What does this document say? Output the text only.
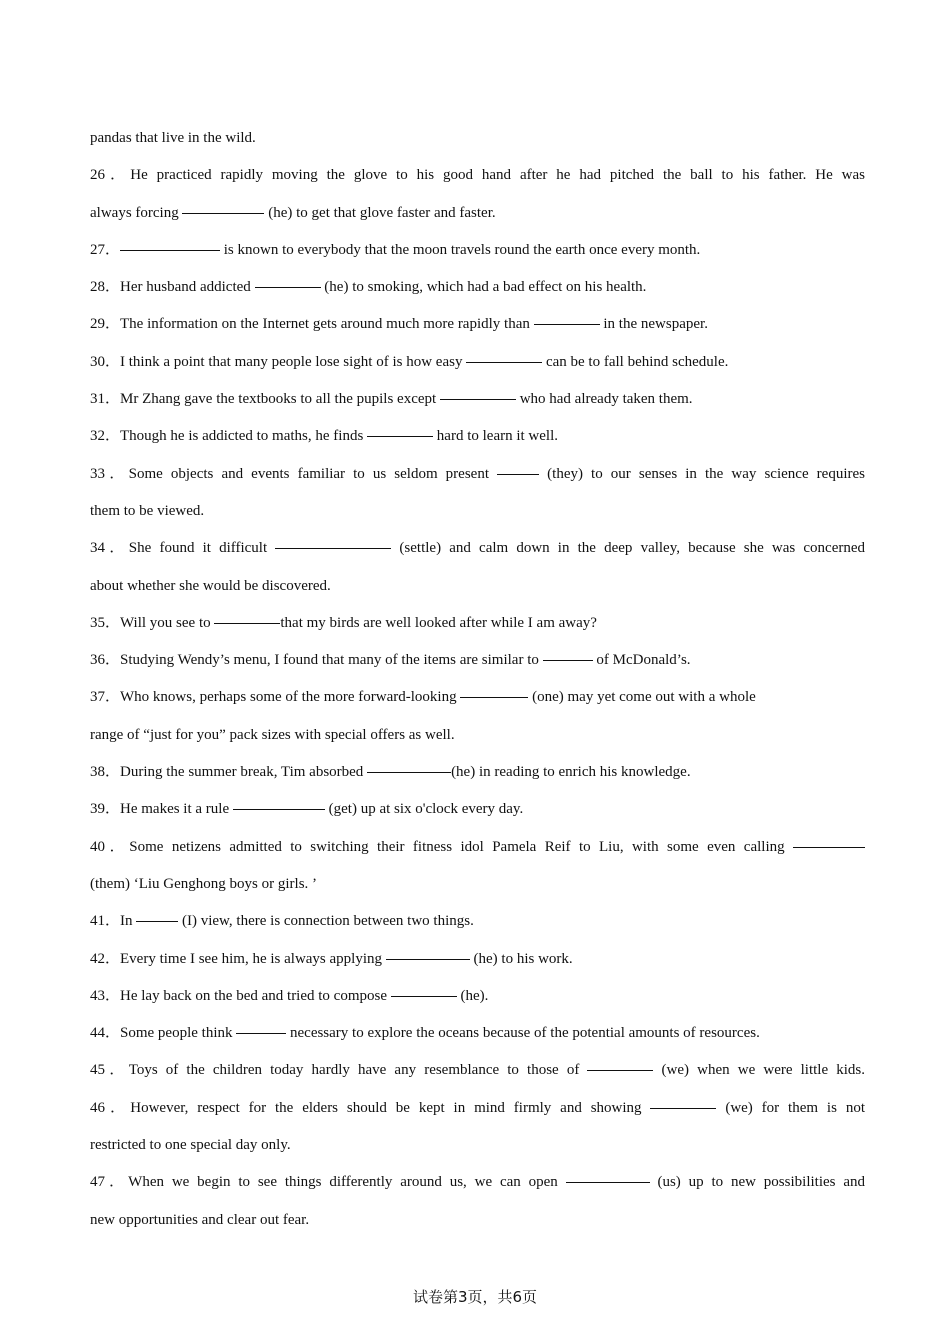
pandas that live in the wild.
26．He practiced rapidly moving the glove to his good hand after he had pitched the ball to his father. He was
always forcing	(he) to get that glove faster and faster.
27．	is known to everybody that the moon travels round the earth once every month.
28．Her husband addicted	(he) to smoking, which had a bad effect on his health.
29．The information on the Internet gets around much more rapidly than	in the newspaper.
30．I think a point that many people lose sight of is how easy	can be to fall behind schedule.
31．Mr Zhang gave the textbooks to all the pupils except	who had already taken them.
32．Though he is addicted to maths, he finds	hard to learn it well.
33．Some objects and events familiar to us seldom present	(they) to our senses in the way science requires
them to be viewed.
34．She found it difficult	(settle) and calm down in the deep valley, because she was concerned
about whether she would be discovered.
35．Will you see to	that my birds are well looked after while I am away?
36．Studying Wendy’s menu, I found that many of the items are similar to	of McDonald’s.
37．Who knows, perhaps some of the more forward-looking	(one) may yet come out with a whole
range of “just for you” pack sizes with special offers as well.
38．During the summer break, Tim absorbed	(he) in reading to enrich his knowledge.
39．He makes it a rule	(get) up at six o'clock every day.
40．Some netizens admitted to switching their fitness idol Pamela Reif to Liu, with some even calling
(them) ‘Liu Genghong boys or girls. ’
41．In	(I) view, there is connection between two things.
42．Every time I see him, he is always applying	(he) to his work.
43．He lay back on the bed and tried to compose	(he).
44．Some people think	necessary to explore the oceans because of the potential amounts of resources.
45．Toys of the children today hardly have any resemblance to those of	(we) when we were little kids.
46．However, respect for the elders should be kept in mind firmly and showing	(we) for them is not
restricted to one special day only.
47．When we begin to see things differently around us, we can open	(us) up to new possibilities and
new opportunities and clear out fear.
试卷第3页，共6页
